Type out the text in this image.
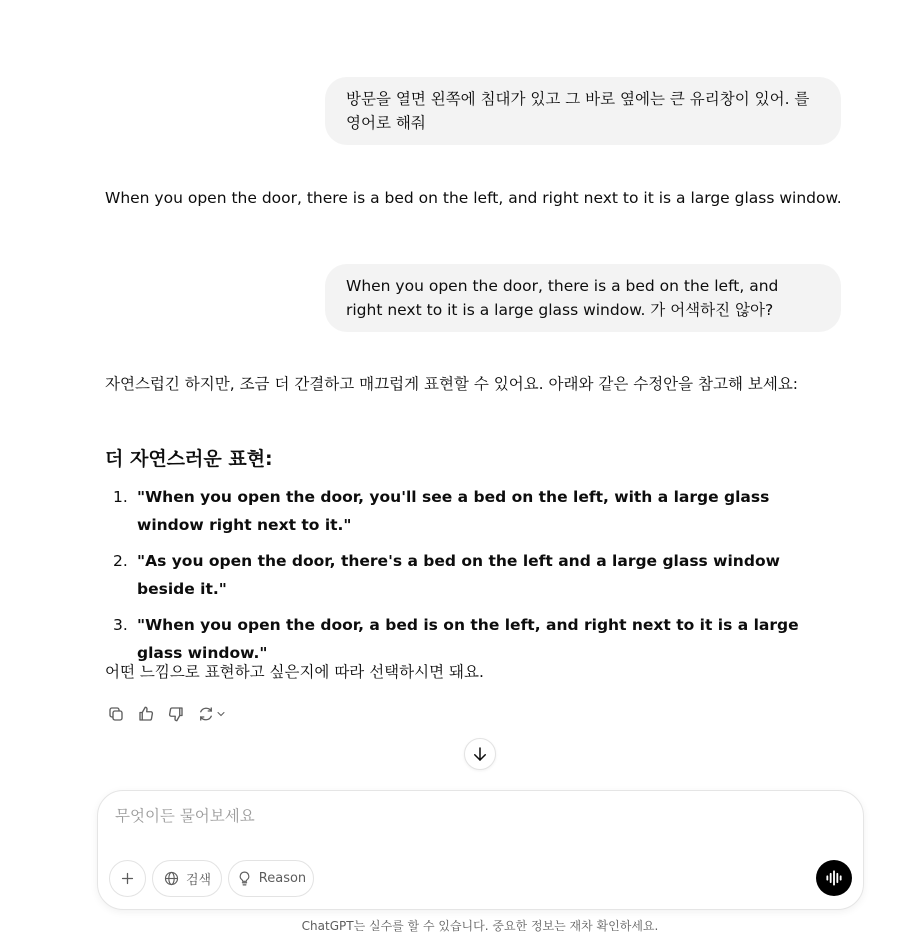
방문을 열면 왼쪽에 침대가 있고 그 바로 옆에는 큰 유리창이 있어. 를 영어로 해줘
When you open the door, there is a bed on the left, and right next to it is a large glass window.
When you open the door, there is a bed on the left, and right next to it is a large glass window. 가 어색하진 않아?
자연스럽긴 하지만, 조금 더 간결하고 매끄럽게 표현할 수 있어요. 아래와 같은 수정안을 참고해 보세요:
더 자연스러운 표현:
1. "When you open the door, you'll see a bed on the left, with a large glass window right next to it."
2. "As you open the door, there's a bed on the left and a large glass window beside it."
3. "When you open the door, a bed is on the left, and right next to it is a large glass window."
어떤 느낌으로 표현하고 싶은지에 따라 선택하시면 돼요.
무엇이든 물어보세요
검색	Reason
ChatGPT는 실수를 할 수 있습니다. 중요한 정보는 재차 확인하세요.
